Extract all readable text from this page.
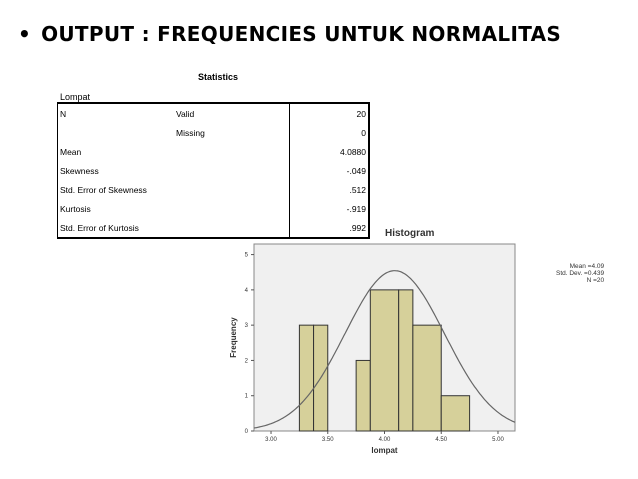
• OUTPUT : FREQUENCIES UNTUK NORMALITAS
Statistics
Lompat
N	Valid	20
	Missing	0
Mean		4.0880
Skewness		-.049
Std. Error of Skewness		.512
Kurtosis		-.919
Std. Error of Kurtosis		.992
Histogram
Mean =4.09
Std. Dev. =0.439
N =20
3.00	3.50	4.00	4.50	5.00
0
1
2
3
4
5
lompat
Frequency
